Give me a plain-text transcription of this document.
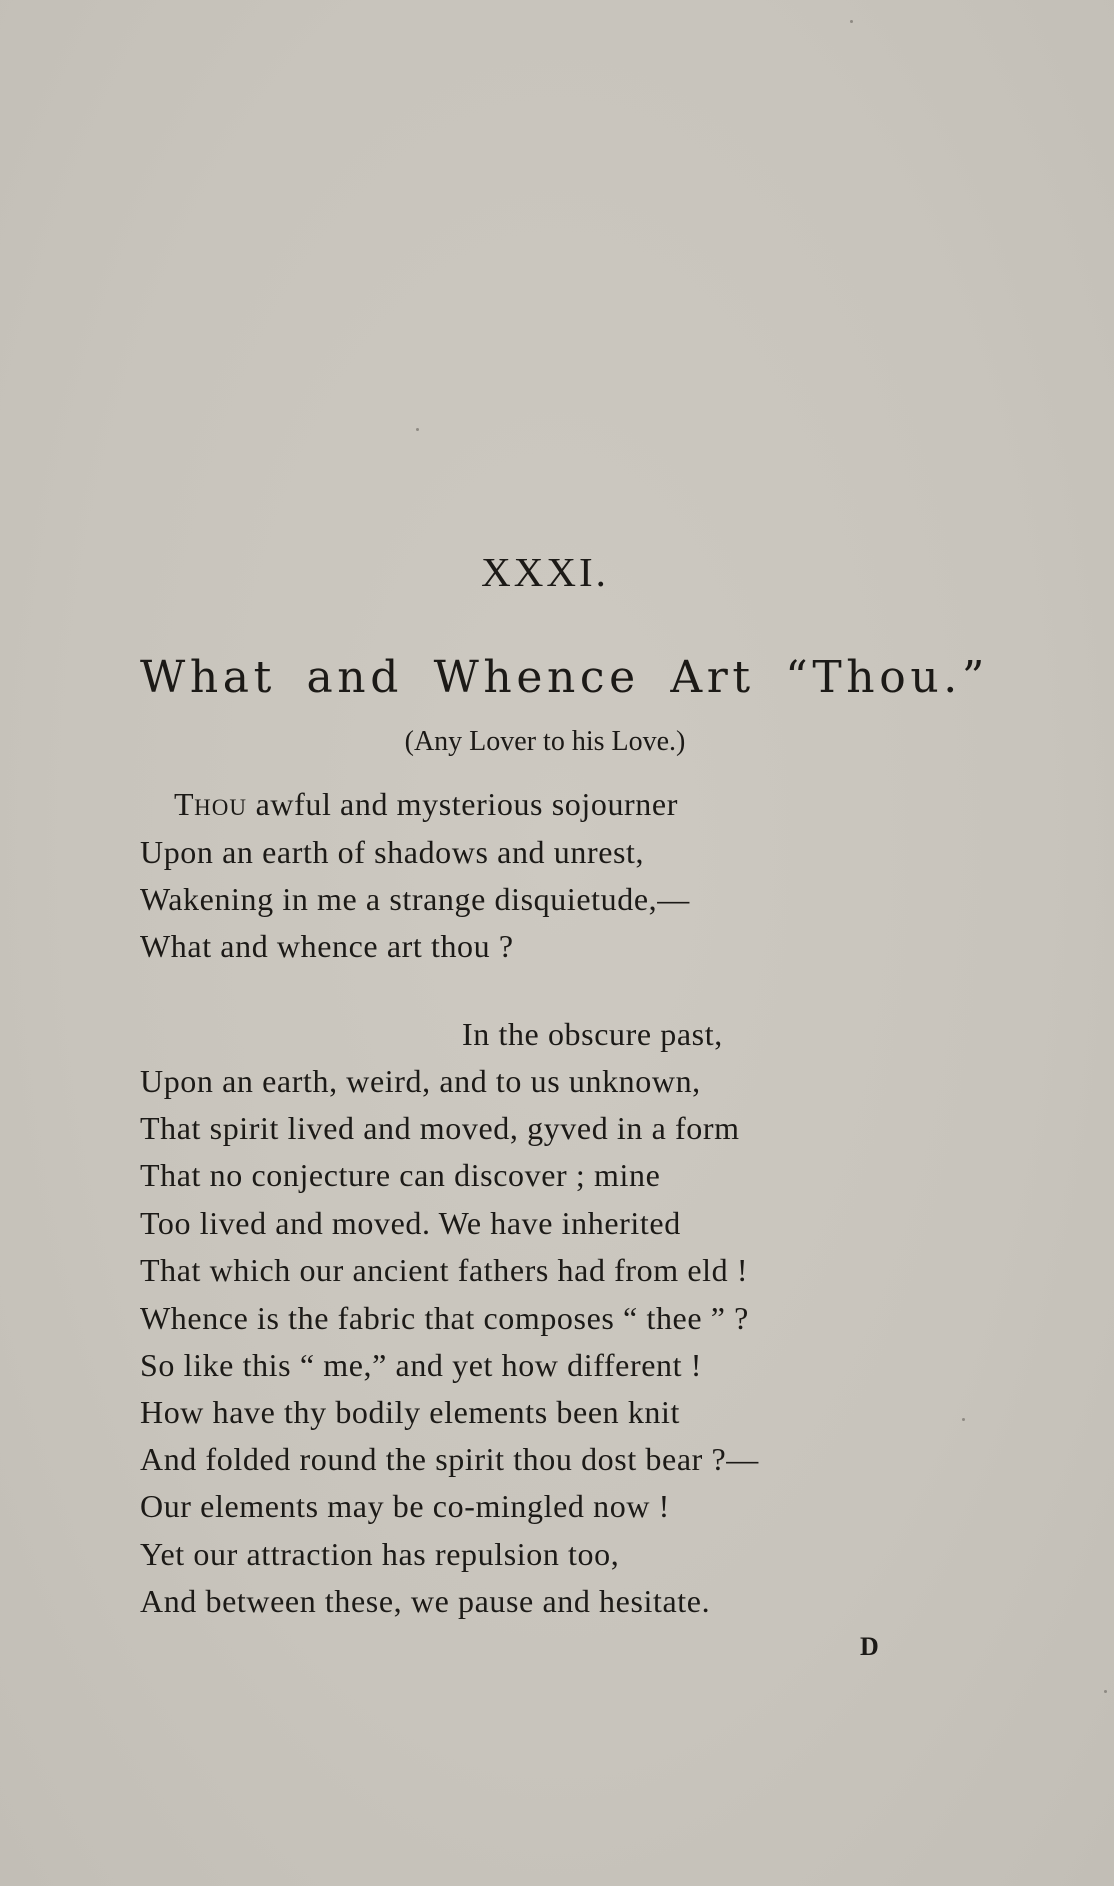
XXXI.
What and Whence Art “Thou.”
(Any Lover to his Love.)
THOU awful and mysterious sojourner
Upon an earth of shadows and unrest,
Wakening in me a strange disquietude,—
What and whence art thou ?
In the obscure past,
Upon an earth, weird, and to us unknown,
That spirit lived and moved, gyved in a form
That no conjecture can discover ; mine
Too lived and moved. We have inherited
That which our ancient fathers had from eld !
Whence is the fabric that composes “ thee ” ?
So like this “ me,” and yet how different !
How have thy bodily elements been knit
And folded round the spirit thou dost bear ?—
Our elements may be co-mingled now !
Yet our attraction has repulsion too,
And between these, we pause and hesitate.
D
